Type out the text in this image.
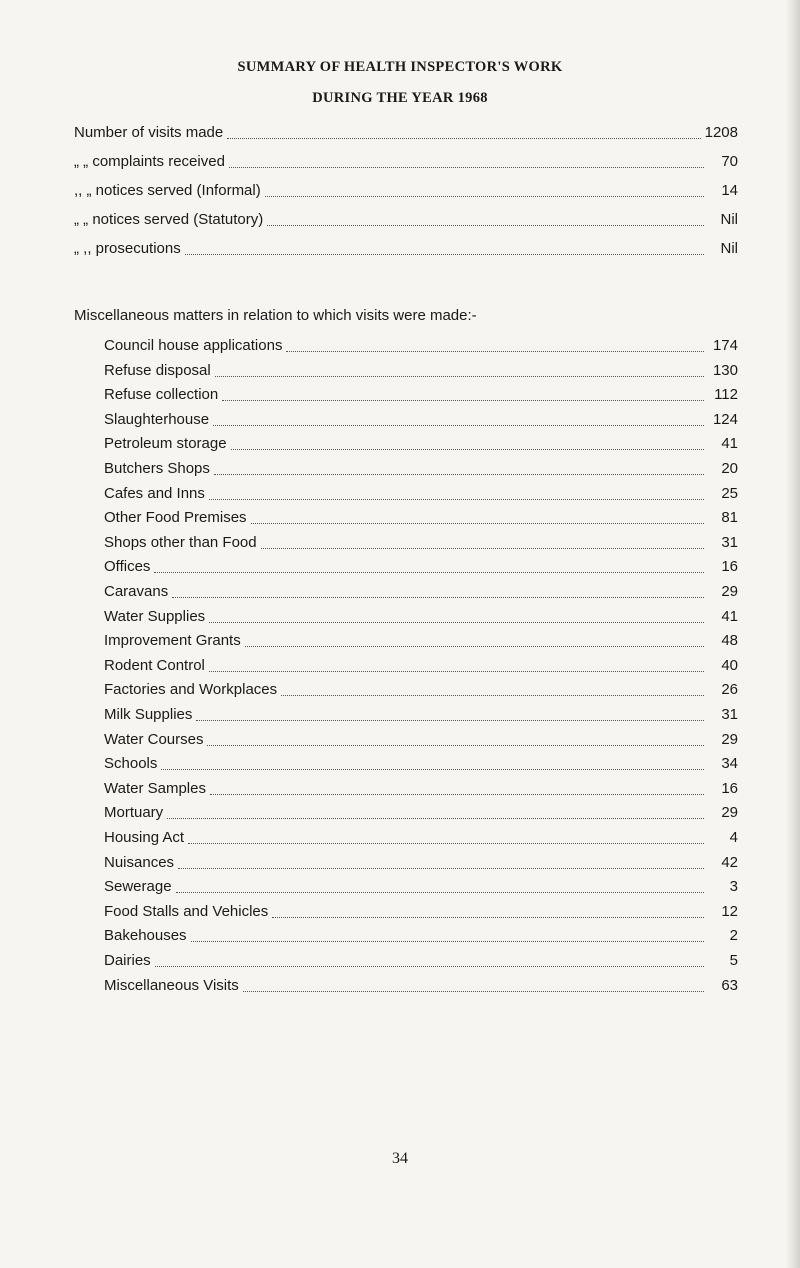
SUMMARY OF HEALTH INSPECTOR'S WORK

DURING THE YEAR 1968

Number of visits made	1208
„ „ complaints received	70
,, „ notices served (Informal)	14
„ „ notices served (Statutory)	Nil
„ ,, prosecutions	Nil
Miscellaneous matters in relation to which visits were made:-
Council house applications	174
Refuse disposal	130
Refuse collection	112
Slaughterhouse	124
Petroleum storage	41
Butchers Shops	20
Cafes and Inns	25
Other Food Premises	81
Shops other than Food	31
Offices	16
Caravans	29
Water Supplies	41
Improvement Grants	48
Rodent Control	40
Factories and Workplaces	26
Milk Supplies	31
Water Courses	29
Schools	34
Water Samples	16
Mortuary	29
Housing Act	4
Nuisances	42
Sewerage	3
Food Stalls and Vehicles	12
Bakehouses	2
Dairies	5
Miscellaneous Visits	63
34
